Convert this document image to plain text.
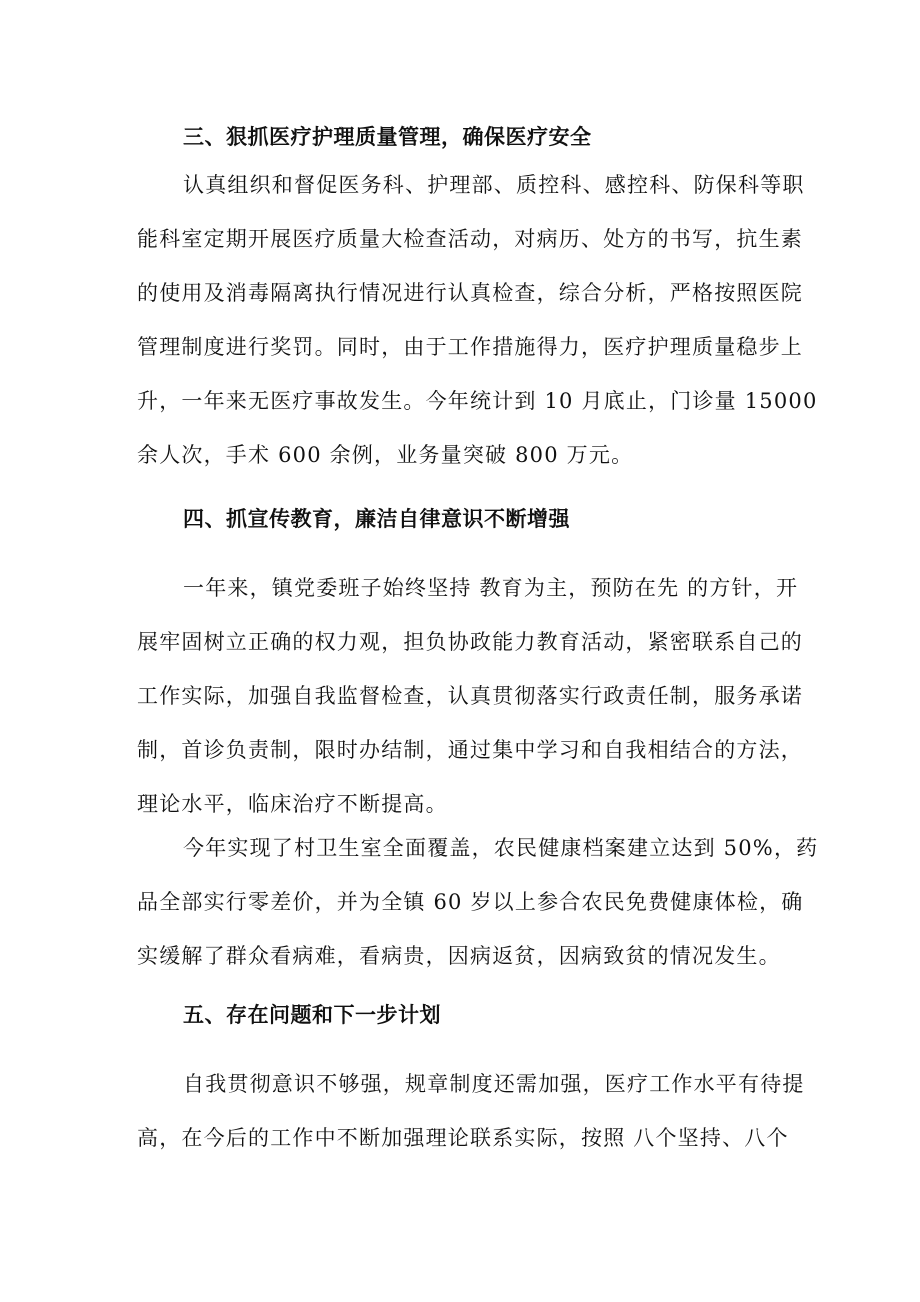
三、狠抓医疗护理质量管理，确保医疗安全
认真组织和督促医务科、护理部、质控科、感控科、防保科等职
能科室定期开展医疗质量大检查活动，对病历、处方的书写，抗生素
的使用及消毒隔离执行情况进行认真检查，综合分析，严格按照医院
管理制度进行奖罚。同时，由于工作措施得力，医疗护理质量稳步上
升，一年来无医疗事故发生。今年统计到 10 月底止，门诊量 15000
余人次，手术 600 余例，业务量突破 800 万元。
四、抓宣传教育，廉洁自律意识不断增强
一年来，镇党委班子始终坚持 教育为主，预防在先 的方针，开
展牢固树立正确的权力观，担负协政能力教育活动，紧密联系自己的
工作实际，加强自我监督检查，认真贯彻落实行政责任制，服务承诺
制，首诊负责制，限时办结制，通过集中学习和自我相结合的方法，
理论水平，临床治疗不断提高。
今年实现了村卫生室全面覆盖，农民健康档案建立达到 50%，药
品全部实行零差价，并为全镇 60 岁以上参合农民免费健康体检，确
实缓解了群众看病难，看病贵，因病返贫，因病致贫的情况发生。
五、存在问题和下一步计划
自我贯彻意识不够强，规章制度还需加强，医疗工作水平有待提
高，在今后的工作中不断加强理论联系实际，按照 八个坚持、八个
